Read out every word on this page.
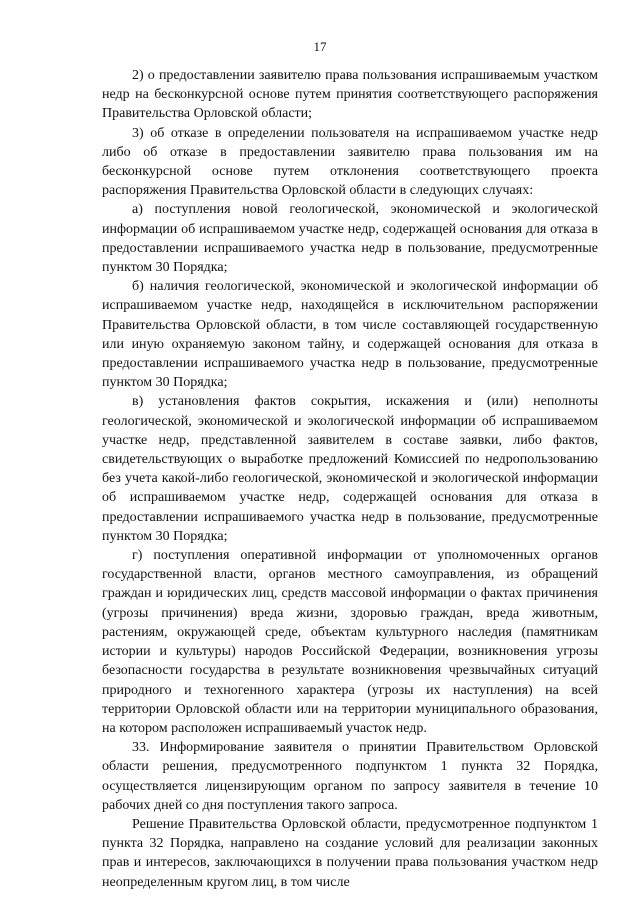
17

2) о предоставлении заявителю права пользования испрашиваемым участком недр на бесконкурсной основе путем принятия соответствующего распоряжения Правительства Орловской области;

3) об отказе в определении пользователя на испрашиваемом участке недр либо об отказе в предоставлении заявителю права пользования им на бесконкурсной основе путем отклонения соответствующего проекта распоряжения Правительства Орловской области в следующих случаях:

а) поступления новой геологической, экономической и экологической информации об испрашиваемом участке недр, содержащей основания для отказа в предоставлении испрашиваемого участка недр в пользование, предусмотренные пунктом 30 Порядка;

б) наличия геологической, экономической и экологической информации об испрашиваемом участке недр, находящейся в исключительном распоряжении Правительства Орловской области, в том числе составляющей государственную или иную охраняемую законом тайну, и содержащей основания для отказа в предоставлении испрашиваемого участка недр в пользование, предусмотренные пунктом 30 Порядка;

в) установления фактов сокрытия, искажения и (или) неполноты геологической, экономической и экологической информации об испрашиваемом участке недр, представленной заявителем в составе заявки, либо фактов, свидетельствующих о выработке предложений Комиссией по недропользованию без учета какой-либо геологической, экономической и экологической информации об испрашиваемом участке недр, содержащей основания для отказа в предоставлении испрашиваемого участка недр в пользование, предусмотренные пунктом 30 Порядка;

г) поступления оперативной информации от уполномоченных органов государственной власти, органов местного самоуправления, из обращений граждан и юридических лиц, средств массовой информации о фактах причинения (угрозы причинения) вреда жизни, здоровью граждан, вреда животным, растениям, окружающей среде, объектам культурного наследия (памятникам истории и культуры) народов Российской Федерации, возникновения угрозы безопасности государства в результате возникновения чрезвычайных ситуаций природного и техногенного характера (угрозы их наступления) на всей территории Орловской области или на территории муниципального образования, на котором расположен испрашиваемый участок недр.

33. Информирование заявителя о принятии Правительством Орловской области решения, предусмотренного подпунктом 1 пункта 32 Порядка, осуществляется лицензирующим органом по запросу заявителя в течение 10 рабочих дней со дня поступления такого запроса.

Решение Правительства Орловской области, предусмотренное подпунктом 1 пункта 32 Порядка, направлено на создание условий для реализации законных прав и интересов, заключающихся в получении права пользования участком недр неопределенным кругом лиц, в том числе
